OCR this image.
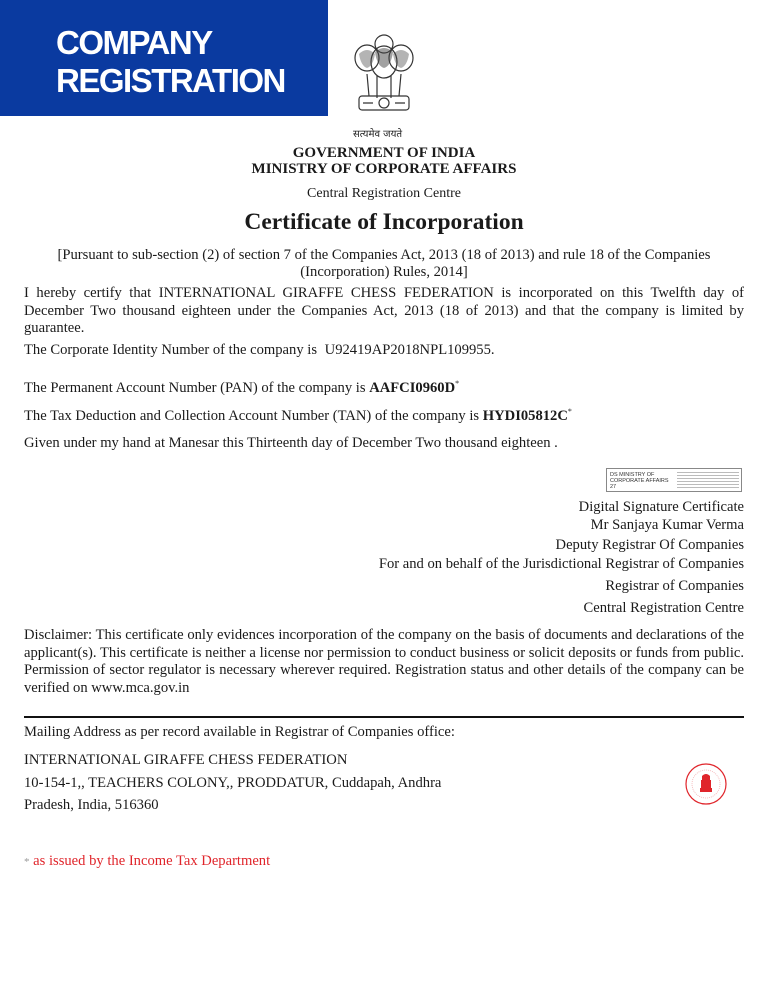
COMPANY
REGISTRATION
सत्यमेव जयते
GOVERNMENT OF INDIA
MINISTRY OF CORPORATE AFFAIRS
Central Registration Centre
Certificate of Incorporation
[Pursuant to sub-section (2) of section 7 of the Companies Act, 2013 (18 of 2013) and rule 18 of the Companies
(Incorporation) Rules, 2014]
I hereby certify that INTERNATIONAL GIRAFFE CHESS FEDERATION is incorporated on this Twelfth day of December Two thousand eighteen under the Companies Act, 2013 (18 of 2013) and that the company is limited by guarantee.
The Corporate Identity Number of the company is U92419AP2018NPL109955.
The Permanent Account Number (PAN) of the company is AAFCI0960D*
The Tax Deduction and Collection Account Number (TAN) of the company is HYDI05812C*
Given under my hand at Manesar this Thirteenth day of December Two thousand eighteen .
DS MINISTRY OF CORPORATE AFFAIRS 27
Digital Signature Certificate
Mr Sanjaya Kumar Verma
Deputy Registrar Of Companies
For and on behalf of the Jurisdictional Registrar of Companies
Registrar of Companies
Central Registration Centre
Disclaimer: This certificate only evidences incorporation of the company on the basis of documents and declarations of the applicant(s). This certificate is neither a license nor permission to conduct business or solicit deposits or funds from public. Permission of sector regulator is necessary wherever required. Registration status and other details of the company can be verified on www.mca.gov.in
Mailing Address as per record available in Registrar of Companies office:
INTERNATIONAL GIRAFFE CHESS FEDERATION
10-154-1,, TEACHERS COLONY,, PRODDATUR, Cuddapah, Andhra
Pradesh, India, 516360
* as issued by the Income Tax Department
